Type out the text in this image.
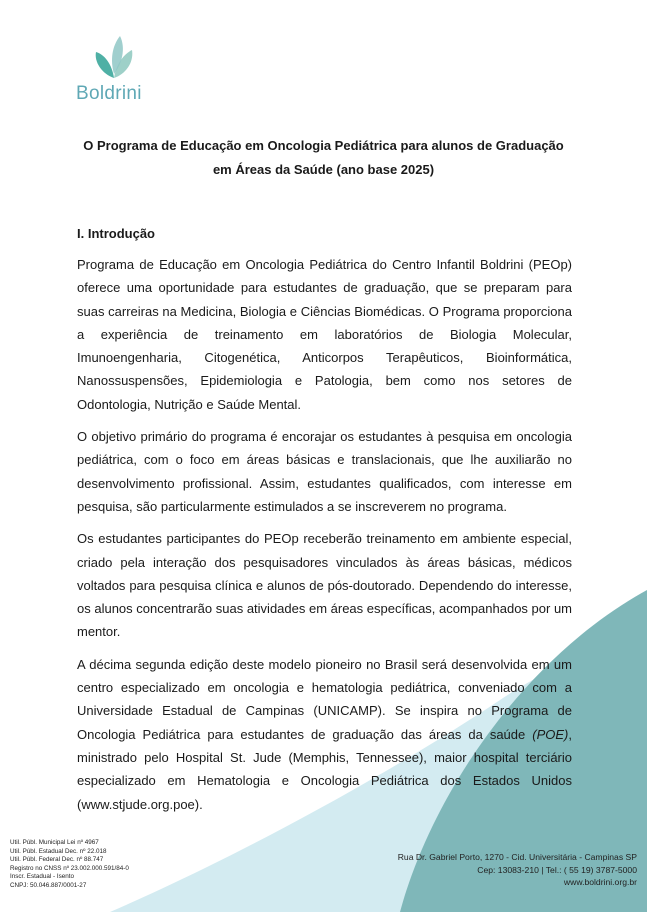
Boldrini
O Programa de Educação em Oncologia Pediátrica para alunos de Graduação
em Áreas da Saúde (ano base 2025)
I. Introdução

Programa de Educação em Oncologia Pediátrica do Centro Infantil Boldrini (PEOp) oferece uma oportunidade para estudantes de graduação, que se preparam para suas carreiras na Medicina, Biologia e Ciências Biomédicas. O Programa proporciona a experiência de treinamento em laboratórios de Biologia Molecular, Imunoengenharia, Citogenética, Anticorpos Terapêuticos, Bioinformática, Nanossuspensões, Epidemiologia e Patologia, bem como nos setores de Odontologia, Nutrição e Saúde Mental.

O objetivo primário do programa é encorajar os estudantes à pesquisa em oncologia pediátrica, com o foco em áreas básicas e translacionais, que lhe auxiliarão no desenvolvimento profissional. Assim, estudantes qualificados, com interesse em pesquisa, são particularmente estimulados a se inscreverem no programa.

Os estudantes participantes do PEOp receberão treinamento em ambiente especial, criado pela interação dos pesquisadores vinculados às áreas básicas, médicos voltados para pesquisa clínica e alunos de pós-doutorado. Dependendo do interesse, os alunos concentrarão suas atividades em áreas específicas, acompanhados por um mentor.

A décima segunda edição deste modelo pioneiro no Brasil será desenvolvida em um centro especializado em oncologia e hematologia pediátrica, conveniado com a Universidade Estadual de Campinas (UNICAMP). Se inspira no Programa de Oncologia Pediátrica para estudantes de graduação das áreas da saúde (POE), ministrado pelo Hospital St. Jude (Memphis, Tennessee), maior hospital terciário especializado em Hematologia e Oncologia Pediátrica dos Estados Unidos (www.stjude.org.poe).

Util. Públ. Municipal Lei nº 4967
Util. Públ. Estadual Dec. nº 22.018
Util. Públ. Federal Dec. nº 88.747
Registro no CNSS nº 23.002.000.591/84-0
Inscr. Estadual - Isento
CNPJ: 50.046.887/0001-27
Rua Dr. Gabriel Porto, 1270 - Cid. Universitária - Campinas SP
Cep: 13083-210 | Tel.: ( 55 19) 3787-5000
www.boldrini.org.br
